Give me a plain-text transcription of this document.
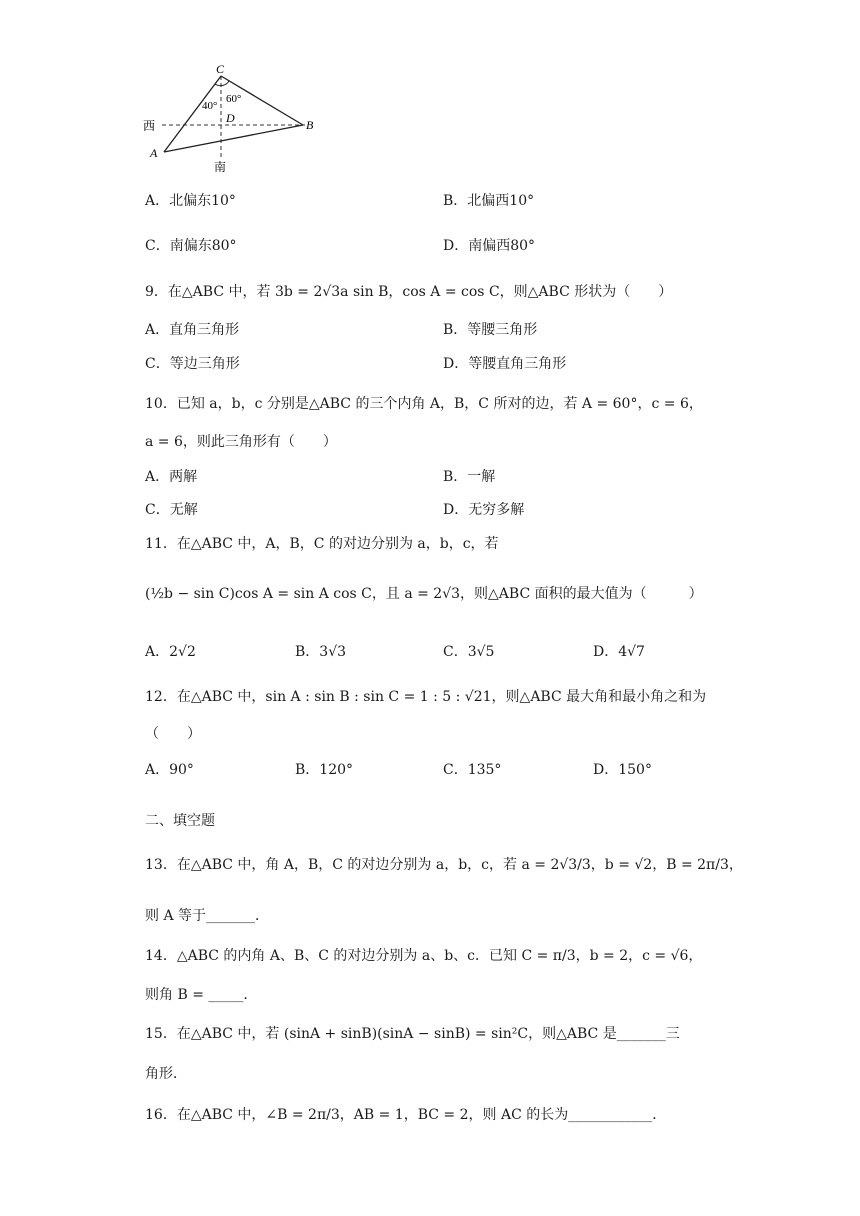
C
B
A
D
西
南
40°
60°
A．北偏东10°	B．北偏西10°
C．南偏东80°	D．南偏西80°
9．在△ABC 中，若 3b = 2√3a sin B，cos A = cos C，则△ABC 形状为（　　）
A．直角三角形	B．等腰三角形
C．等边三角形	D．等腰直角三角形
10．已知 a，b，c 分别是△ABC 的三个内角 A，B，C 所对的边，若 A = 60°，c = 6，
a = 6，则此三角形有（　　）
A．两解	B．一解
C．无解	D．无穷多解
11．在△ABC 中，A，B，C 的对边分别为 a，b，c，若
(½b − sin C)cos A = sin A cos C，且 a = 2√3，则△ABC 面积的最大值为（　　　）
A．2√2	B．3√3	C．3√5	D．4√7
12．在△ABC 中，sin A : sin B : sin C = 1 : 5 : √21，则△ABC 最大角和最小角之和为
（　　）
A．90°	B．120°	C．135°	D．150°
二、填空题
13．在△ABC 中，角 A，B，C 的对边分别为 a，b，c，若 a = 2√3/3，b = √2，B = 2π/3，
则 A 等于_______．
14．△ABC 的内角 A、B、C 的对边分别为 a、b、c．已知 C = π/3，b = 2，c = √6，
则角 B = _____．
15．在△ABC 中，若 (sinA + sinB)(sinA − sinB) = sin²C，则△ABC 是_______三
角形．
16．在△ABC 中，∠B = 2π/3，AB = 1，BC = 2，则 AC 的长为____________．
